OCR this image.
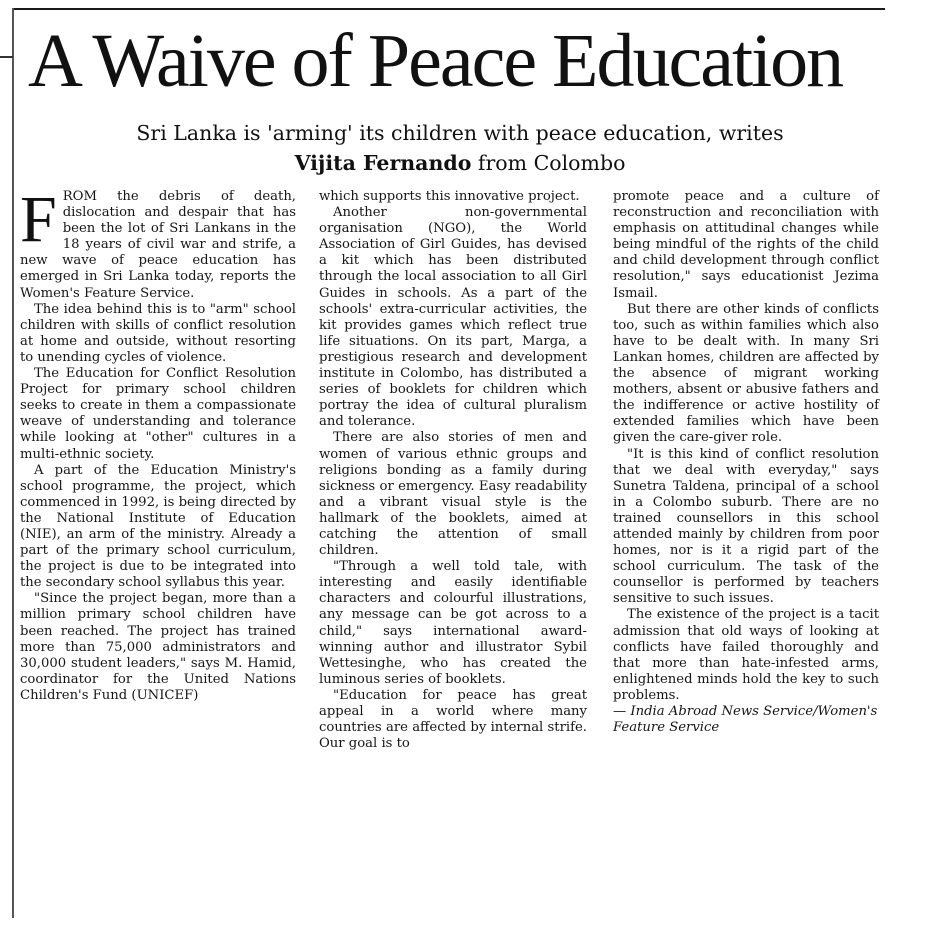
A Waive of Peace Education
Sri Lanka is 'arming' its children with peace education, writes
Vijita Fernando from Colombo

FROM the debris of death, dislocation and despair that has been the lot of Sri Lankans in the 18 years of civil war and strife, a new wave of peace education has emerged in Sri Lanka today, reports the Women's Feature Service.

The idea behind this is to "arm" school children with skills of conflict resolution at home and outside, without resorting to unending cycles of violence.

The Education for Conflict Resolution Project for primary school children seeks to create in them a compassionate weave of understanding and tolerance while looking at "other" cultures in a multi-ethnic society.

A part of the Education Ministry's school programme, the project, which commenced in 1992, is being directed by the National Institute of Education (NIE), an arm of the ministry. Already a part of the primary school curriculum, the project is due to be integrated into the secondary school syllabus this year.

"Since the project began, more than a million primary school children have been reached. The project has trained more than 75,000 administrators and 30,000 student leaders," says M. Hamid, coordinator for the United Nations Children's Fund (UNICEF)

which supports this innovative project.

Another non-governmental organisation (NGO), the World Association of Girl Guides, has devised a kit which has been distributed through the local association to all Girl Guides in schools. As a part of the schools' extra-curricular activities, the kit provides games which reflect true life situations. On its part, Marga, a prestigious research and development institute in Colombo, has distributed a series of booklets for children which portray the idea of cultural pluralism and tolerance.

There are also stories of men and women of various ethnic groups and religions bonding as a family during sickness or emergency. Easy readability and a vibrant visual style is the hallmark of the booklets, aimed at catching the attention of small children.

"Through a well told tale, with interesting and easily identifiable characters and colourful illustrations, any message can be got across to a child," says international award-winning author and illustrator Sybil Wettesinghe, who has created the luminous series of booklets.

"Education for peace has great appeal in a world where many countries are affected by internal strife. Our goal is to

promote peace and a culture of reconstruction and reconciliation with emphasis on attitudinal changes while being mindful of the rights of the child and child development through conflict resolution," says educationist Jezima Ismail.

But there are other kinds of conflicts too, such as within families which also have to be dealt with. In many Sri Lankan homes, children are affected by the absence of migrant working mothers, absent or abusive fathers and the indifference or active hostility of extended families which have been given the care-giver role.

"It is this kind of conflict resolution that we deal with everyday," says Sunetra Taldena, principal of a school in a Colombo suburb. There are no trained counsellors in this school attended mainly by children from poor homes, nor is it a rigid part of the school curriculum. The task of the counsellor is performed by teachers sensitive to such issues.

The existence of the project is a tacit admission that old ways of looking at conflicts have failed thoroughly and that more than hate-infested arms, enlightened minds hold the key to such problems.

— India Abroad News Service/Women's Feature Service
